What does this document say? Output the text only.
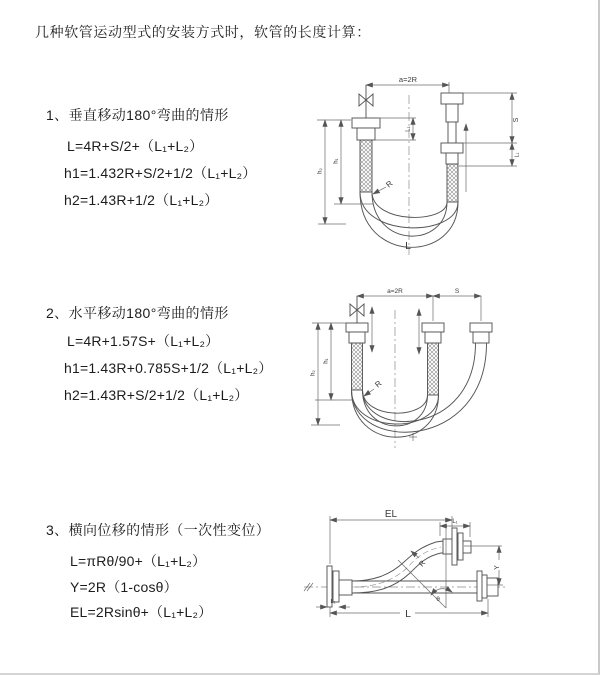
几种软管运动型式的安装方式时，软管的长度计算：
1、垂直移动180°弯曲的情形
L=4R+S/2+（L₁+L₂）
h1=1.432R+S/2+1/2（L₁+L₂）
h2=1.43R+1/2（L₁+L₂）
2、水平移动180°弯曲的情形
L=4R+1.57S+（L₁+L₂）
h1=1.43R+0.785S+1/2（L₁+L₂）
h2=1.43R+S/2+1/2（L₁+L₂）
3、横向位移的情形（一次性变位）
L=πRθ/90+（L₁+L₂）
Y=2R（1-cosθ）
EL=2Rsinθ+（L₁+L₂）
a=2R
S
L₁
L₁
h₁
h₂
R
L
a=2R	S
h₁
h₂
R
EL
L₁
R	Y
θ
L
L₁
